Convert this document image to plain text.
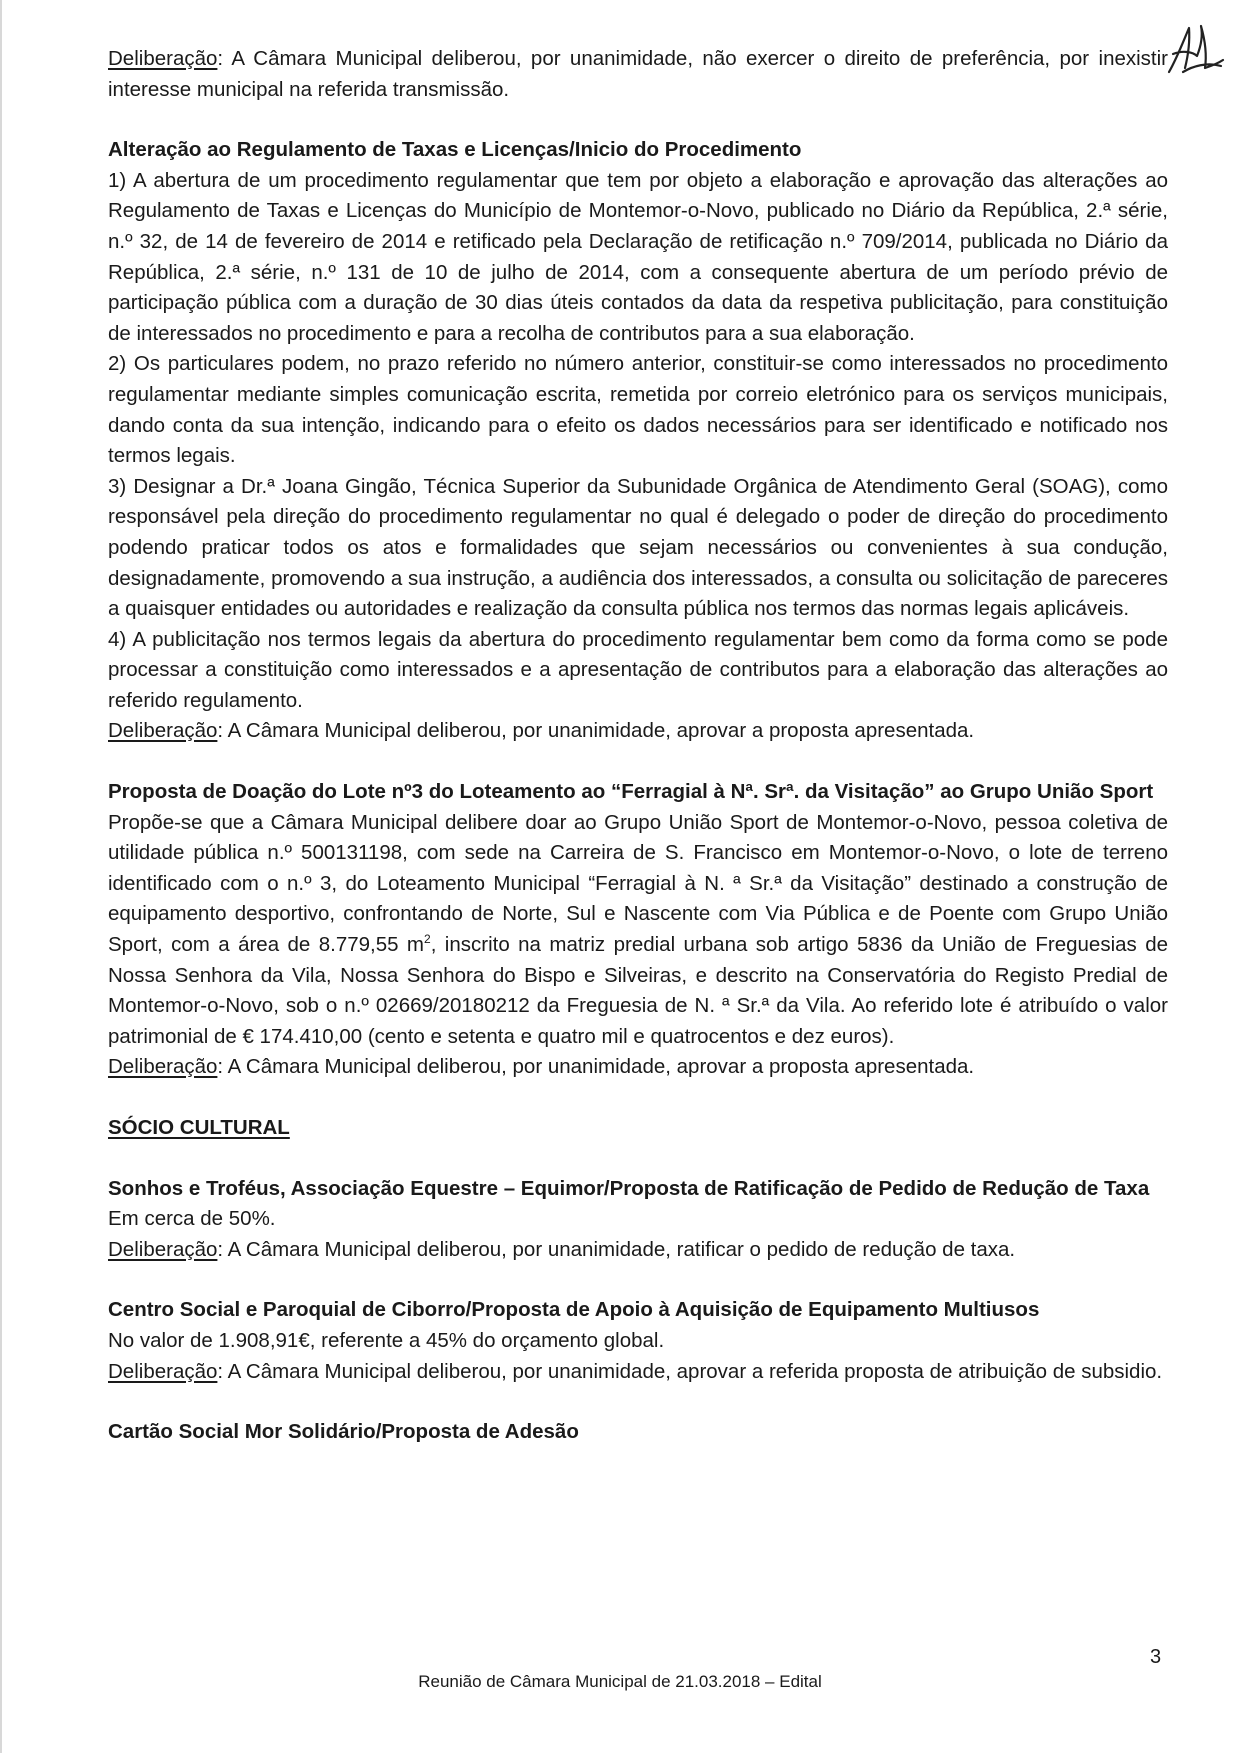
Deliberação: A Câmara Municipal deliberou, por unanimidade, não exercer o direito de preferência, por inexistir interesse municipal na referida transmissão.

Alteração ao Regulamento de Taxas e Licenças/Inicio do Procedimento

1) A abertura de um procedimento regulamentar que tem por objeto a elaboração e aprovação das alterações ao Regulamento de Taxas e Licenças do Município de Montemor-o-Novo, publicado no Diário da República, 2.ª série, n.º 32, de 14 de fevereiro de 2014 e retificado pela Declaração de retificação n.º 709/2014, publicada no Diário da República, 2.ª série, n.º 131 de 10 de julho de 2014, com a consequente abertura de um período prévio de participação pública com a duração de 30 dias úteis contados da data da respetiva publicitação, para constituição de interessados no procedimento e para a recolha de contributos para a sua elaboração.

2) Os particulares podem, no prazo referido no número anterior, constituir-se como interessados no procedimento regulamentar mediante simples comunicação escrita, remetida por correio eletrónico para os serviços municipais, dando conta da sua intenção, indicando para o efeito os dados necessários para ser identificado e notificado nos termos legais.

3) Designar a Dr.ª Joana Gingão, Técnica Superior da Subunidade Orgânica de Atendimento Geral (SOAG), como responsável pela direção do procedimento regulamentar no qual é delegado o poder de direção do procedimento podendo praticar todos os atos e formalidades que sejam necessários ou convenientes à sua condução, designadamente, promovendo a sua instrução, a audiência dos interessados, a consulta ou solicitação de pareceres a quaisquer entidades ou autoridades e realização da consulta pública nos termos das normas legais aplicáveis.

4) A publicitação nos termos legais da abertura do procedimento regulamentar bem como da forma como se pode processar a constituição como interessados e a apresentação de contributos para a elaboração das alterações ao referido regulamento.

Deliberação: A Câmara Municipal deliberou, por unanimidade, aprovar a proposta apresentada.

Proposta de Doação do Lote nº3 do Loteamento ao “Ferragial à Nª. Srª. da Visitação” ao Grupo União Sport

Propõe-se que a Câmara Municipal delibere doar ao Grupo União Sport de Montemor-o-Novo, pessoa coletiva de utilidade pública n.º 500131198, com sede na Carreira de S. Francisco em Montemor-o-Novo, o lote de terreno identificado com o n.º 3, do Loteamento Municipal “Ferragial à N. ª Sr.ª da Visitação” destinado a construção de equipamento desportivo, confrontando de Norte, Sul e Nascente com Via Pública e de Poente com Grupo União Sport, com a área de 8.779,55 $m^2$, inscrito na matriz predial urbana sob artigo 5836 da União de Freguesias de Nossa Senhora da Vila, Nossa Senhora do Bispo e Silveiras, e descrito na Conservatória do Registo Predial de Montemor-o-Novo, sob o n.º 02669/20180212 da Freguesia de N. ª Sr.ª da Vila. Ao referido lote é atribuído o valor patrimonial de € 174.410,00 (cento e setenta e quatro mil e quatrocentos e dez euros).

Deliberação: A Câmara Municipal deliberou, por unanimidade, aprovar a proposta apresentada.

SÓCIO CULTURAL

Sonhos e Troféus, Associação Equestre – Equimor/Proposta de Ratificação de Pedido de Redução de Taxa

Em cerca de 50%.

Deliberação: A Câmara Municipal deliberou, por unanimidade, ratificar o pedido de redução de taxa.

Centro Social e Paroquial de Ciborro/Proposta de Apoio à Aquisição de Equipamento Multiusos

No valor de 1.908,91€, referente a 45% do orçamento global.

Deliberação: A Câmara Municipal deliberou, por unanimidade, aprovar a referida proposta de atribuição de subsidio.

Cartão Social Mor Solidário/Proposta de Adesão

3
Reunião de Câmara Municipal de 21.03.2018 – Edital
